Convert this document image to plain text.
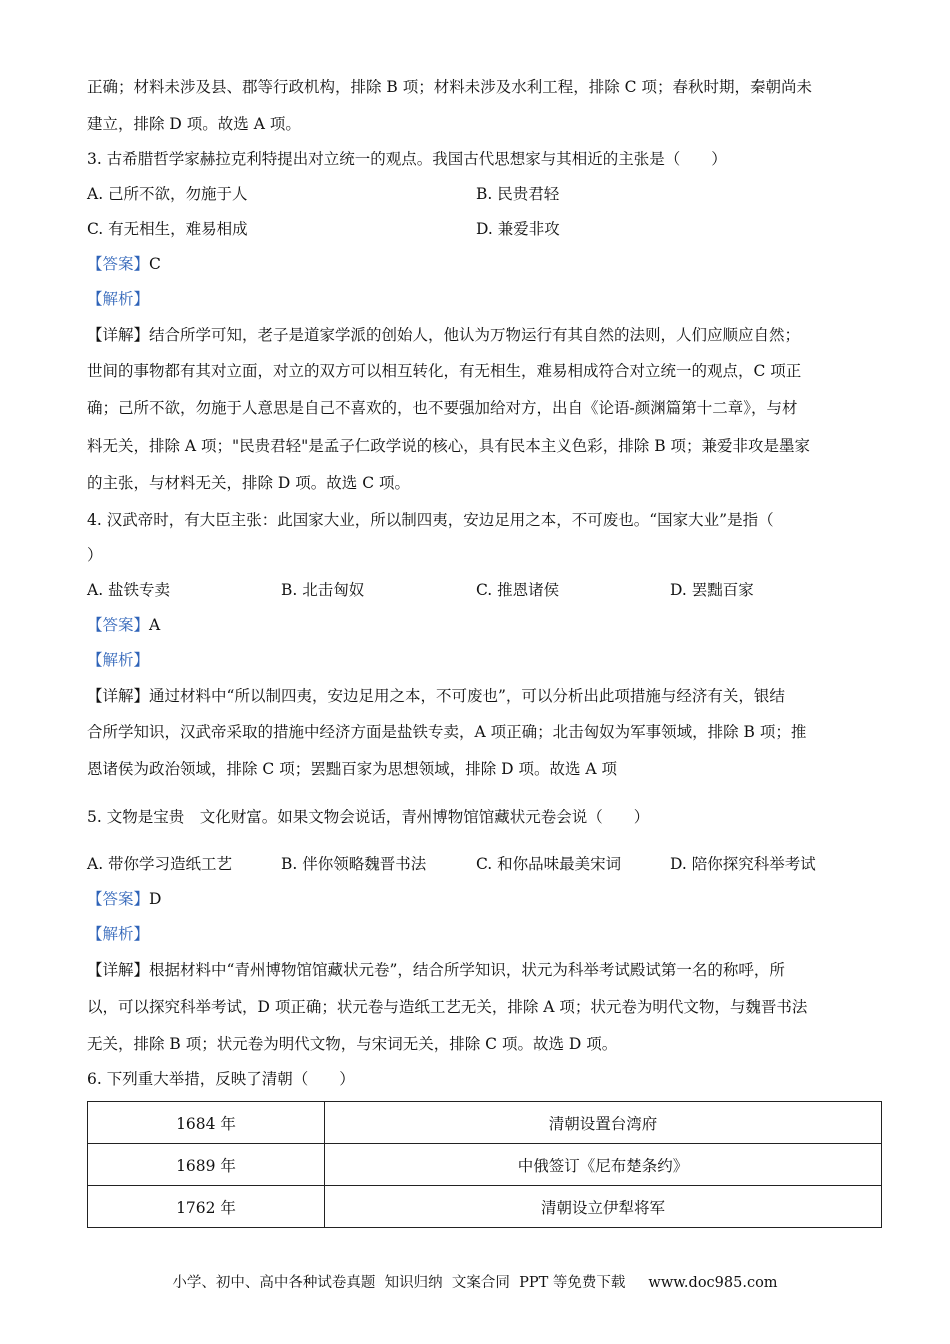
正确；材料未涉及县、郡等行政机构，排除 B 项；材料未涉及水利工程，排除 C 项；春秋时期，秦朝尚未
建立，排除 D 项。故选 A 项。
3. 古希腊哲学家赫拉克利特提出对立统一的观点。我国古代思想家与其相近的主张是（　　）
A. 己所不欲，勿施于人	B. 民贵君轻
C. 有无相生，难易相成	D. 兼爱非攻
【答案】C
【解析】
【详解】结合所学可知，老子是道家学派的创始人，他认为万物运行有其自然的法则，人们应顺应自然；
世间的事物都有其对立面，对立的双方可以相互转化，有无相生，难易相成符合对立统一的观点，C 项正
确；己所不欲，勿施于人意思是自己不喜欢的，也不要强加给对方，出自《论语-颜渊篇第十二章》，与材
料无关，排除 A 项；"民贵君轻"是孟子仁政学说的核心，具有民本主义色彩，排除 B 项；兼爱非攻是墨家
的主张，与材料无关，排除 D 项。故选 C 项。
4. 汉武帝时，有大臣主张：此国家大业，所以制四夷，安边足用之本，不可废也。“国家大业”是指（
）
A. 盐铁专卖	B. 北击匈奴	C. 推恩诸侯	D. 罢黜百家
【答案】A
【解析】
【详解】通过材料中“所以制四夷，安边足用之本，不可废也”，可以分析出此项措施与经济有关，银结
合所学知识，汉武帝采取的措施中经济方面是盐铁专卖，A 项正确；北击匈奴为军事领域，排除 B 项；推
恩诸侯为政治领域，排除 C 项；罢黜百家为思想领域，排除 D 项。故选 A 项
5. 文物是宝贵　文化财富。如果文物会说话，青州博物馆馆藏状元卷会说（　　）
A. 带你学习造纸工艺	B. 伴你领略魏晋书法	C. 和你品味最美宋词	D. 陪你探究科举考试
【答案】D
【解析】
【详解】根据材料中“青州博物馆馆藏状元卷”，结合所学知识，状元为科举考试殿试第一名的称呼，所
以，可以探究科举考试，D 项正确；状元卷与造纸工艺无关，排除 A 项；状元卷为明代文物，与魏晋书法
无关，排除 B 项；状元卷为明代文物，与宋词无关，排除 C 项。故选 D 项。
6. 下列重大举措，反映了清朝（　　）
1684 年	清朝设置台湾府
1689 年	中俄签订《尼布楚条约》
1762 年	清朝设立伊犁将军
小学、初中、高中各种试卷真题  知识归纳  文案合同  PPT 等免费下载     www.doc985.com
